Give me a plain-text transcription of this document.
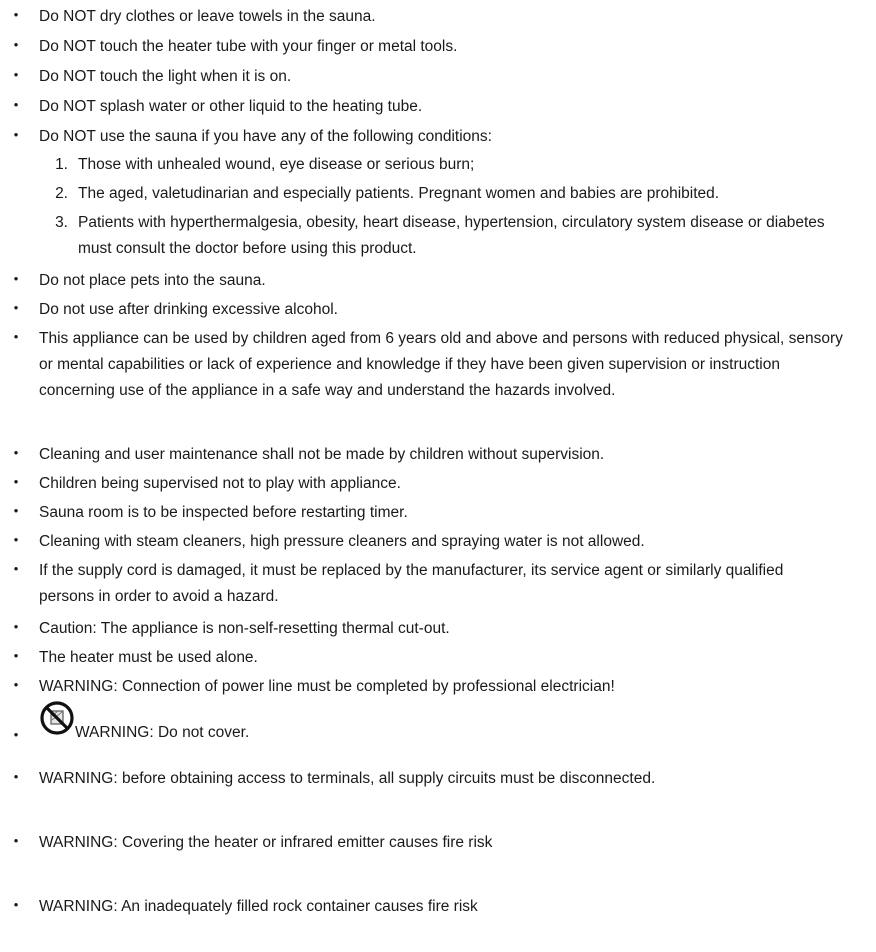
• Do NOT dry clothes or leave towels in the sauna.
• Do NOT touch the heater tube with your finger or metal tools.
• Do NOT touch the light when it is on.
• Do NOT splash water or other liquid to the heating tube.
• Do NOT use the sauna if you have any of the following conditions:
1. Those with unhealed wound, eye disease or serious burn;
2. The aged, valetudinarian and especially patients. Pregnant women and babies are prohibited.
3. Patients with hyperthermalgesia, obesity, heart disease, hypertension, circulatory system disease or diabetes must consult the doctor before using this product.
• Do not place pets into the sauna.
• Do not use after drinking excessive alcohol.
• This appliance can be used by children aged from 6 years old and above and persons with reduced physical, sensory or mental capabilities or lack of experience and knowledge if they have been given supervision or instruction concerning use of the appliance in a safe way and understand the hazards involved.
• Cleaning and user maintenance shall not be made by children without supervision.
• Children being supervised not to play with appliance.
• Sauna room is to be inspected before restarting timer.
• Cleaning with steam cleaners, high pressure cleaners and spraying water is not allowed.
• If the supply cord is damaged, it must be replaced by the manufacturer, its service agent or similarly qualified persons in order to avoid a hazard.
• Caution: The appliance is non-self-resetting thermal cut-out.
• The heater must be used alone.
• WARNING: Connection of power line must be completed by professional electrician!
•	WARNING: Do not cover.
• WARNING: before obtaining access to terminals, all supply circuits must be disconnected.
• WARNING: Covering the heater or infrared emitter causes fire risk
• WARNING: An inadequately filled rock container causes fire risk
